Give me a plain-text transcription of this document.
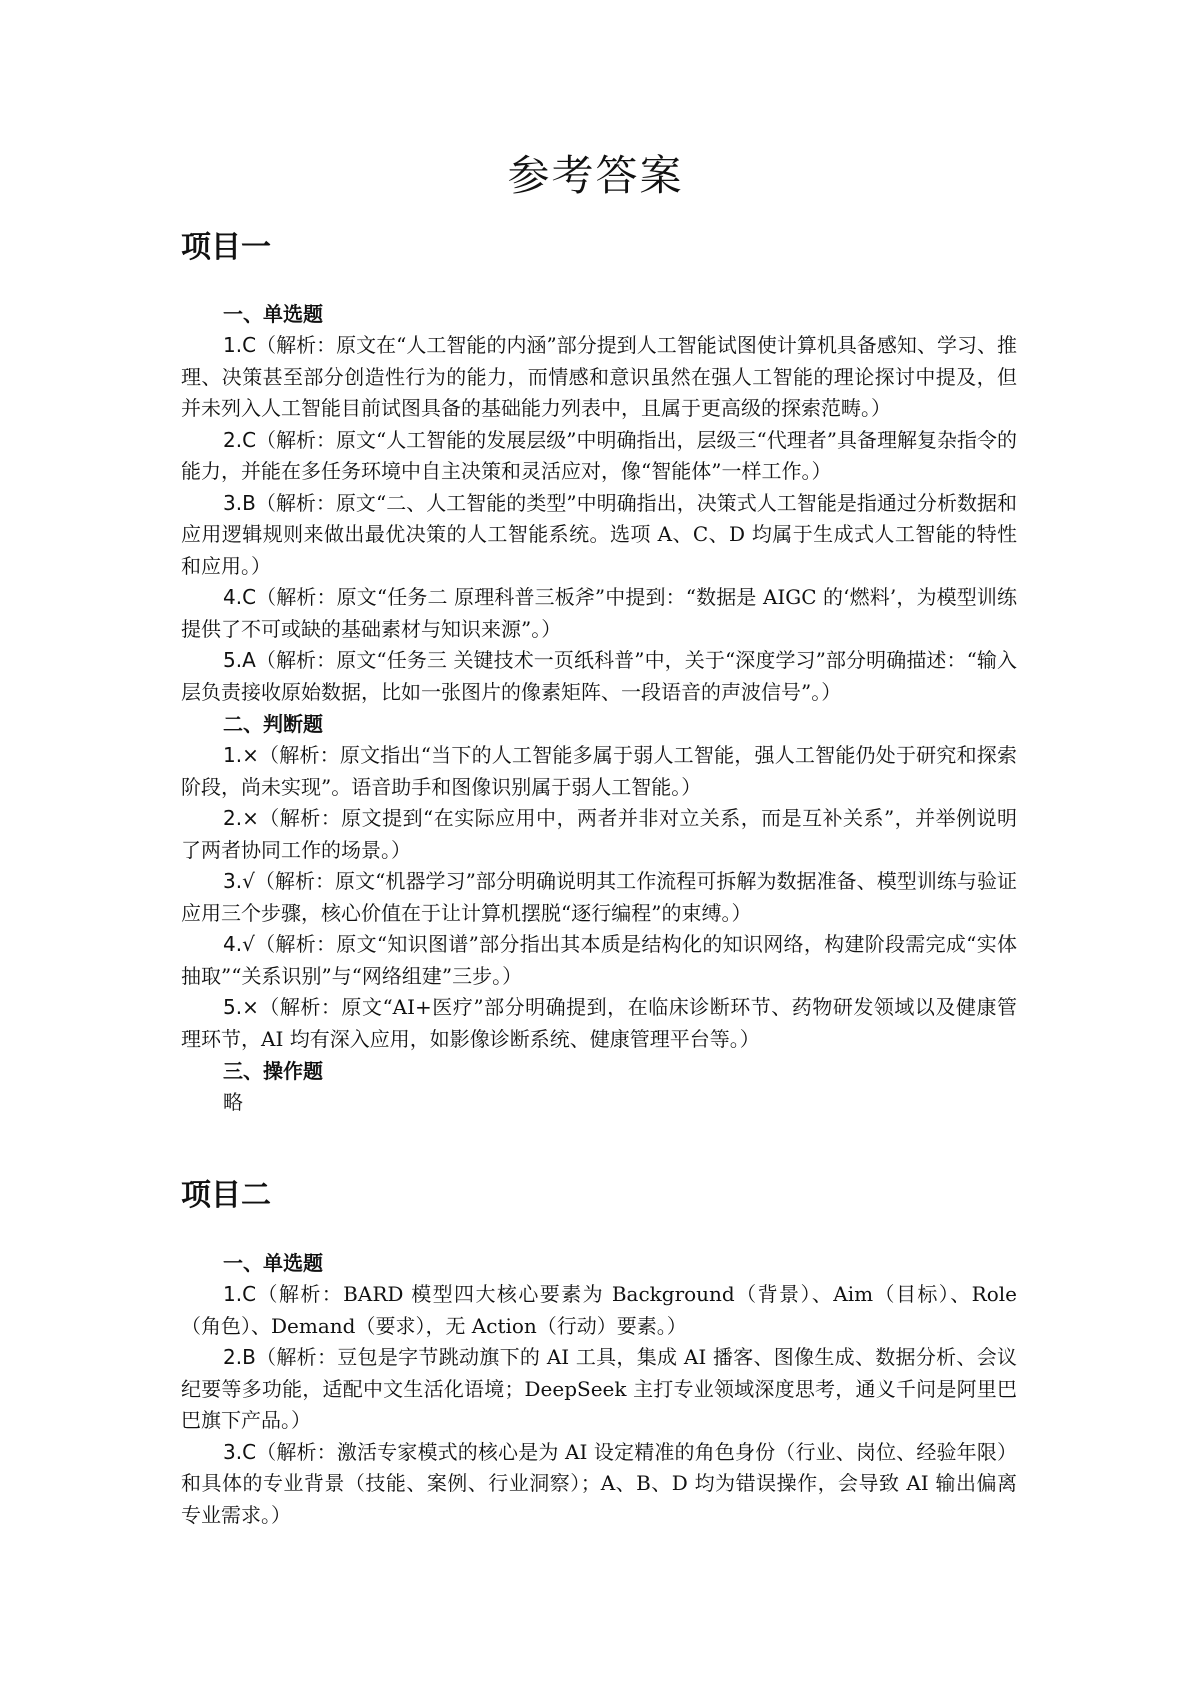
参考答案
项目一

一、单选题

1.C（解析：原文在“人工智能的内涵”部分提到人工智能试图使计算机具备感知、学习、推理、决策甚至部分创造性行为的能力，而情感和意识虽然在强人工智能的理论探讨中提及，但并未列入人工智能目前试图具备的基础能力列表中，且属于更高级的探索范畴。）

2.C（解析：原文“人工智能的发展层级”中明确指出，层级三“代理者”具备理解复杂指令的能力，并能在多任务环境中自主决策和灵活应对，像“智能体”一样工作。）

3.B（解析：原文“二、人工智能的类型”中明确指出，决策式人工智能是指通过分析数据和应用逻辑规则来做出最优决策的人工智能系统。选项 A、C、D 均属于生成式人工智能的特性和应用。）

4.C（解析：原文“任务二 原理科普三板斧”中提到：“数据是 AIGC 的‘燃料’，为模型训练提供了不可或缺的基础素材与知识来源”。）

5.A（解析：原文“任务三 关键技术一页纸科普”中，关于“深度学习”部分明确描述：“输入层负责接收原始数据，比如一张图片的像素矩阵、一段语音的声波信号”。）

二、判断题

1.×（解析：原文指出“当下的人工智能多属于弱人工智能，强人工智能仍处于研究和探索阶段，尚未实现”。语音助手和图像识别属于弱人工智能。）

2.×（解析：原文提到“在实际应用中，两者并非对立关系，而是互补关系”，并举例说明了两者协同工作的场景。）

3.√（解析：原文“机器学习”部分明确说明其工作流程可拆解为数据准备、模型训练与验证应用三个步骤，核心价值在于让计算机摆脱“逐行编程”的束缚。）

4.√（解析：原文“知识图谱”部分指出其本质是结构化的知识网络，构建阶段需完成“实体抽取”“关系识别”与“网络组建”三步。）

5.×（解析：原文“AI+医疗”部分明确提到，在临床诊断环节、药物研发领域以及健康管理环节，AI 均有深入应用，如影像诊断系统、健康管理平台等。）

三、操作题

略

项目二

一、单选题

1.C（解析：BARD 模型四大核心要素为 Background（背景）、Aim（目标）、Role（角色）、Demand（要求），无 Action（行动）要素。）

2.B（解析：豆包是字节跳动旗下的 AI 工具，集成 AI 播客、图像生成、数据分析、会议纪要等多功能，适配中文生活化语境；DeepSeek 主打专业领域深度思考，通义千问是阿里巴巴旗下产品。）

3.C（解析：激活专家模式的核心是为 AI 设定精准的角色身份（行业、岗位、经验年限）和具体的专业背景（技能、案例、行业洞察）；A、B、D 均为错误操作，会导致 AI 输出偏离专业需求。）
